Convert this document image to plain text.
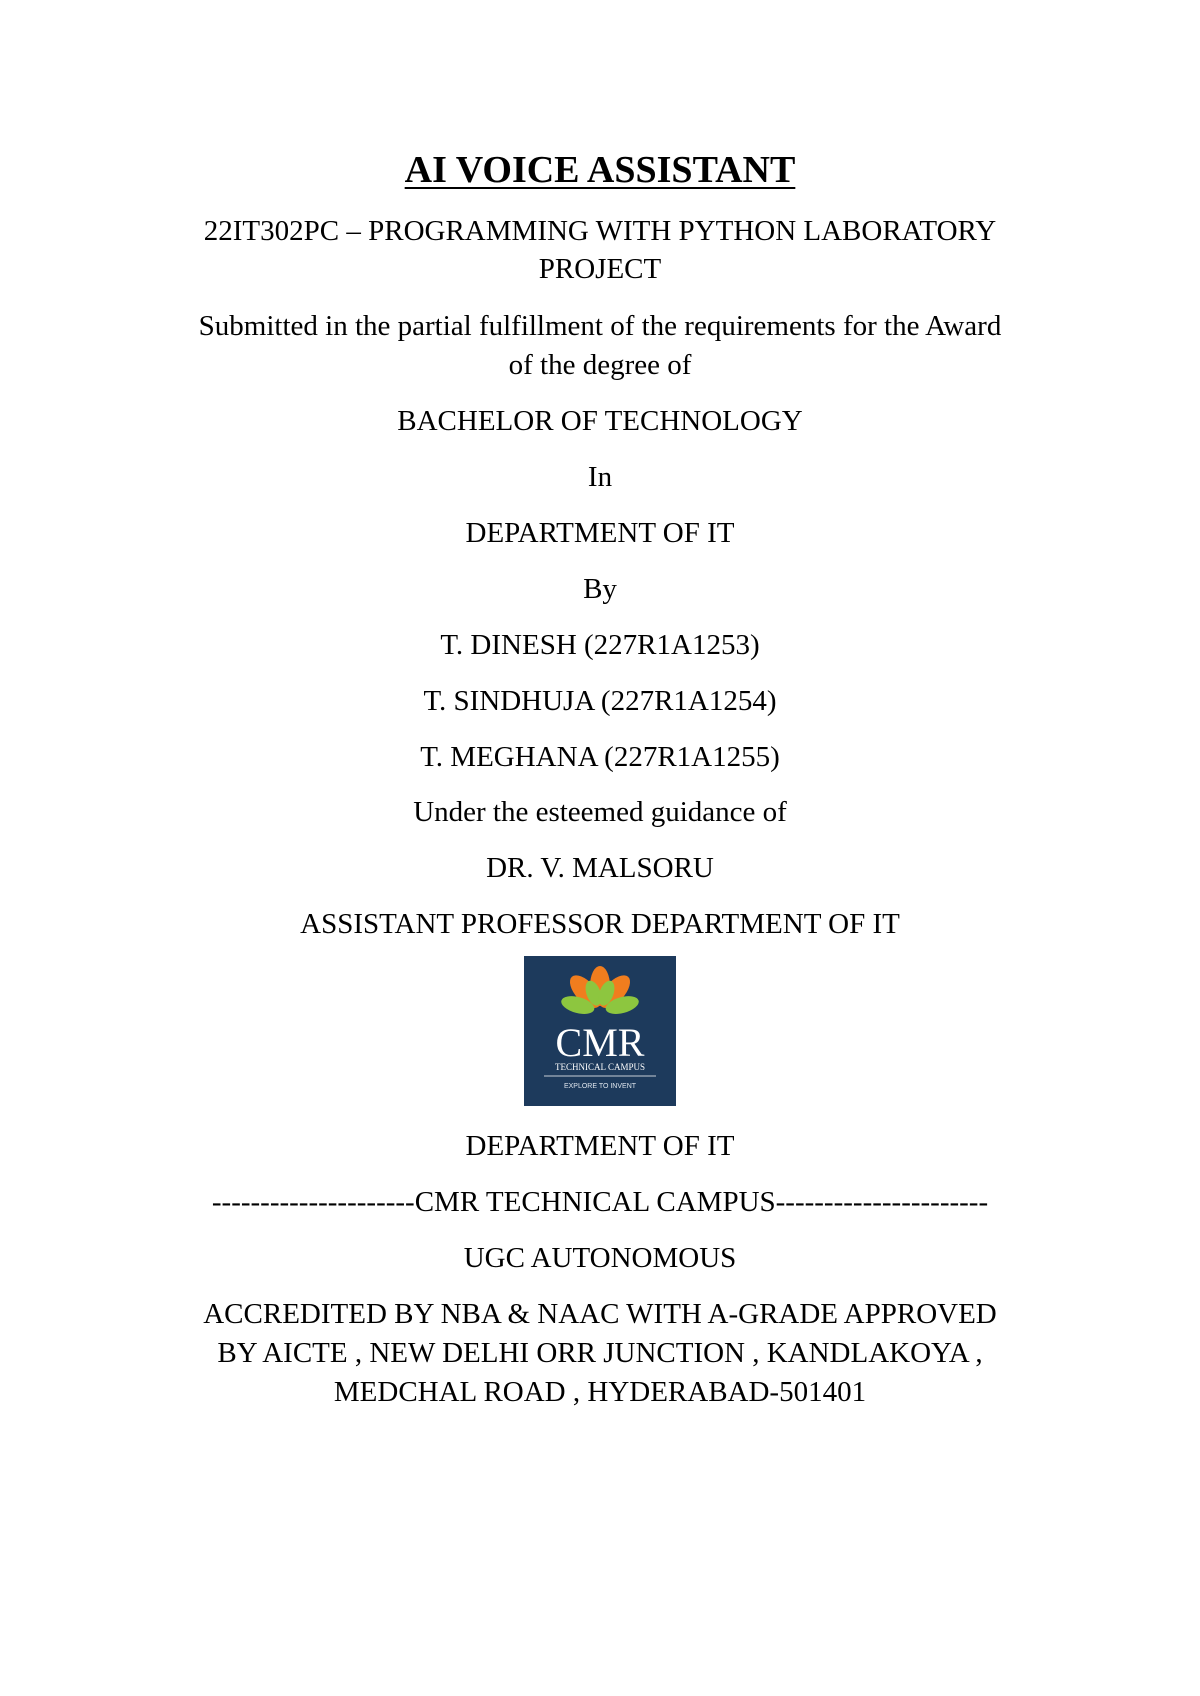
AI VOICE ASSISTANT
22IT302PC – PROGRAMMING WITH PYTHON LABORATORY
PROJECT
Submitted in the partial fulfillment of the requirements for the Award
of the degree of
BACHELOR OF TECHNOLOGY
In
DEPARTMENT OF IT
By
T. DINESH (227R1A1253)
T. SINDHUJA (227R1A1254)
T. MEGHANA (227R1A1255)
Under the esteemed guidance of
DR. V. MALSORU
ASSISTANT PROFESSOR DEPARTMENT OF IT
CMR
TECHNICAL CAMPUS
EXPLORE TO INVENT
DEPARTMENT OF IT
---------------------CMR TECHNICAL CAMPUS----------------------
UGC AUTONOMOUS
ACCREDITED BY NBA & NAAC WITH A-GRADE APPROVED
BY AICTE , NEW DELHI ORR JUNCTION , KANDLAKOYA ,
MEDCHAL ROAD , HYDERABAD-501401
